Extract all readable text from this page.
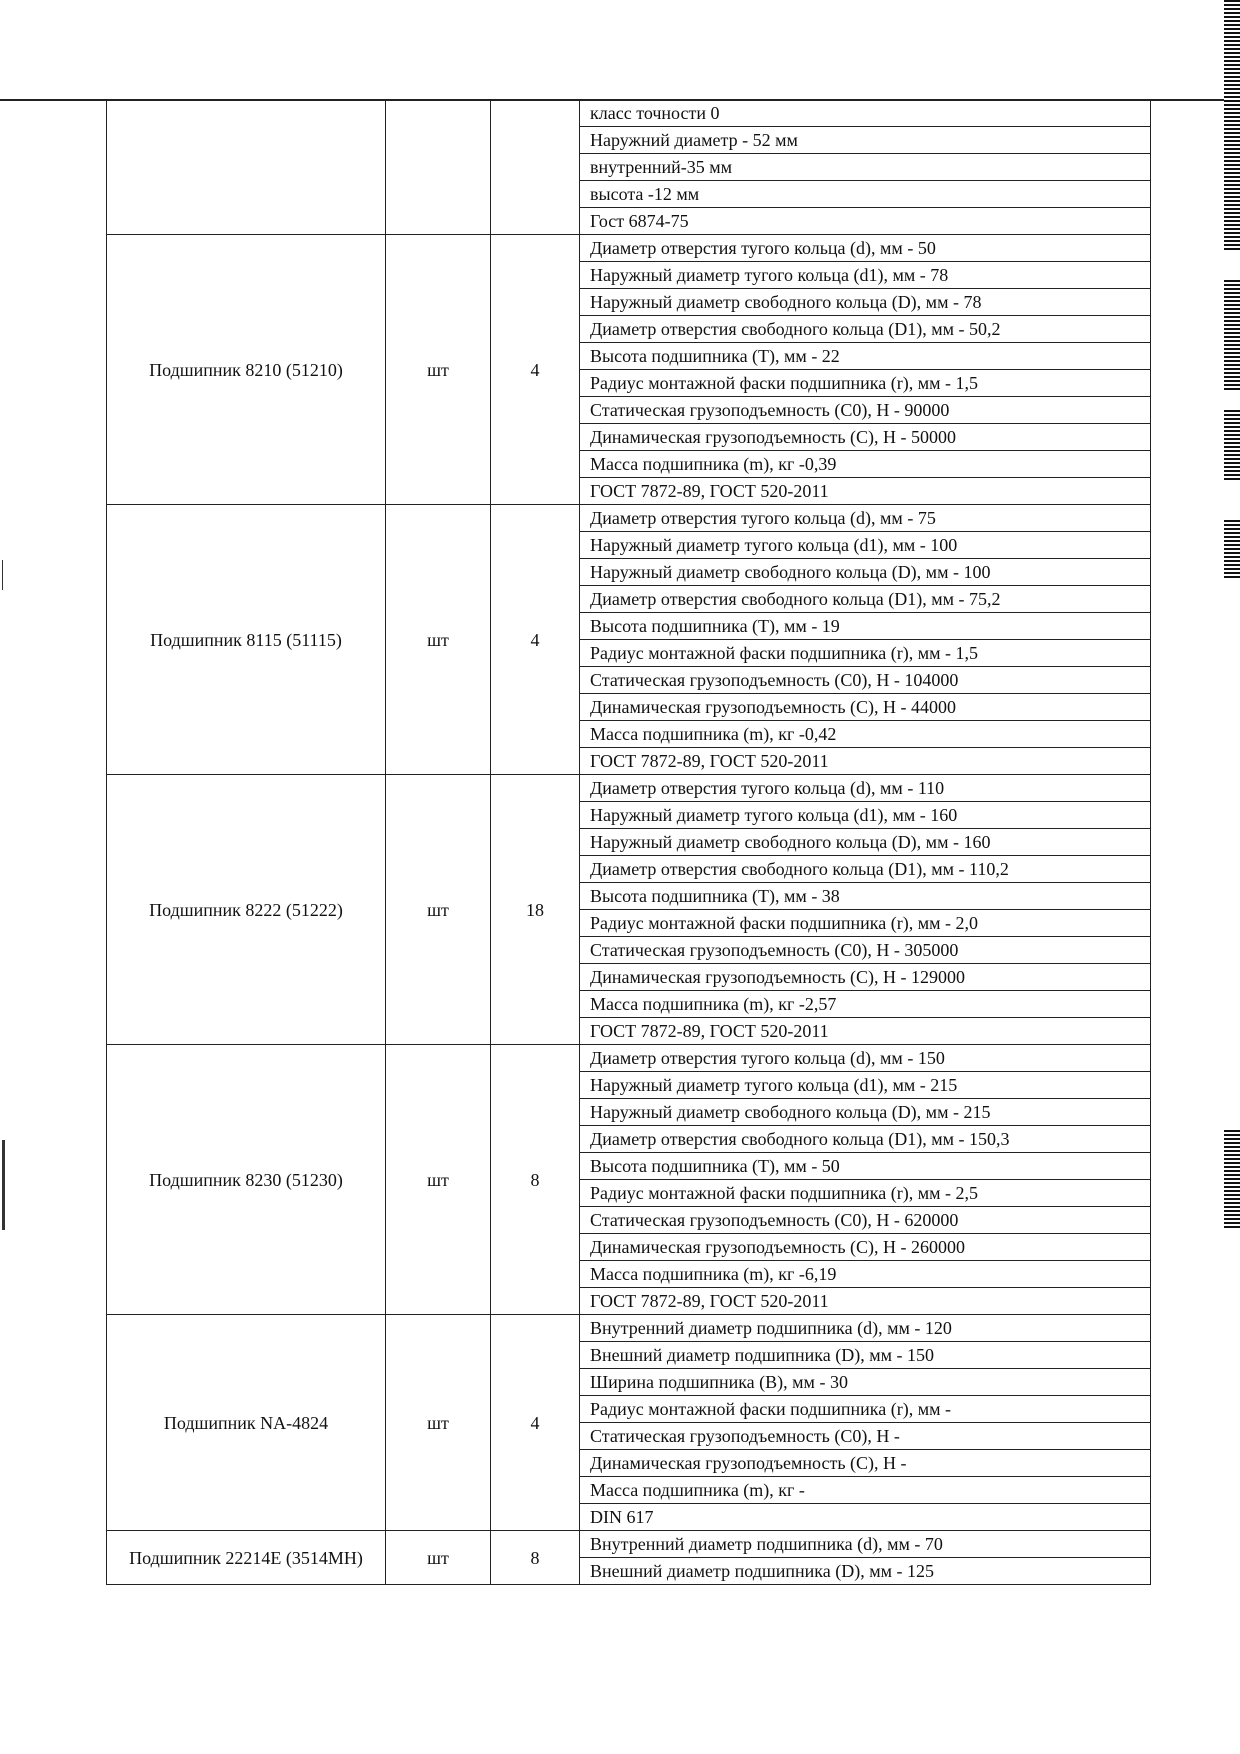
			класс точности 0
			Наружний диаметр - 52 мм
			внутренний-35 мм
			высота -12 мм
			Гост 6874-75
Подшипник 8210 (51210)	шт	4	Диаметр отверстия тугого кольца (d), мм - 50
			Наружный диаметр тугого кольца (d1), мм - 78
			Наружный диаметр свободного кольца (D), мм - 78
			Диаметр отверстия свободного кольца (D1), мм - 50,2
			Высота подшипника (Т), мм - 22
			Радиус монтажной фаски подшипника (r), мм - 1,5
			Статическая грузоподъемность (С0), Н - 90000
			Динамическая грузоподъемность (С), Н - 50000
			Масса подшипника (m), кг -0,39
			ГОСТ 7872-89, ГОСТ 520-2011
Подшипник 8115 (51115)	шт	4	Диаметр отверстия тугого кольца (d), мм - 75
			Наружный диаметр тугого кольца (d1), мм - 100
			Наружный диаметр свободного кольца (D), мм - 100
			Диаметр отверстия свободного кольца (D1), мм - 75,2
			Высота подшипника (Т), мм - 19
			Радиус монтажной фаски подшипника (r), мм - 1,5
			Статическая грузоподъемность (С0), Н - 104000
			Динамическая грузоподъемность (С), Н - 44000
			Масса подшипника (m), кг -0,42
			ГОСТ 7872-89, ГОСТ 520-2011
Подшипник 8222 (51222)	шт	18	Диаметр отверстия тугого кольца (d), мм - 110
			Наружный диаметр тугого кольца (d1), мм - 160
			Наружный диаметр свободного кольца (D), мм - 160
			Диаметр отверстия свободного кольца (D1), мм - 110,2
			Высота подшипника (Т), мм - 38
			Радиус монтажной фаски подшипника (r), мм - 2,0
			Статическая грузоподъемность (С0), Н - 305000
			Динамическая грузоподъемность (С), Н - 129000
			Масса подшипника (m), кг -2,57
			ГОСТ 7872-89, ГОСТ 520-2011
Подшипник 8230 (51230)	шт	8	Диаметр отверстия тугого кольца (d), мм - 150
			Наружный диаметр тугого кольца (d1), мм - 215
			Наружный диаметр свободного кольца (D), мм - 215
			Диаметр отверстия свободного кольца (D1), мм - 150,3
			Высота подшипника (Т), мм - 50
			Радиус монтажной фаски подшипника (r), мм - 2,5
			Статическая грузоподъемность (С0), Н - 620000
			Динамическая грузоподъемность (С), Н - 260000
			Масса подшипника (m), кг -6,19
			ГОСТ 7872-89, ГОСТ 520-2011
Подшипник NA-4824	шт	4	Внутренний диаметр подшипника (d), мм - 120
			Внешний диаметр подшипника (D), мм - 150
			Ширина подшипника (В), мм - 30
			Радиус монтажной фаски подшипника (r), мм -
			Статическая грузоподъемность (С0), Н -
			Динамическая грузоподъемность (С), Н -
			Масса подшипника (m), кг -
			DIN 617
Подшипник 22214Е (3514МН)	шт	8	Внутренний диаметр подшипника (d), мм - 70
			Внешний диаметр подшипника (D), мм - 125
